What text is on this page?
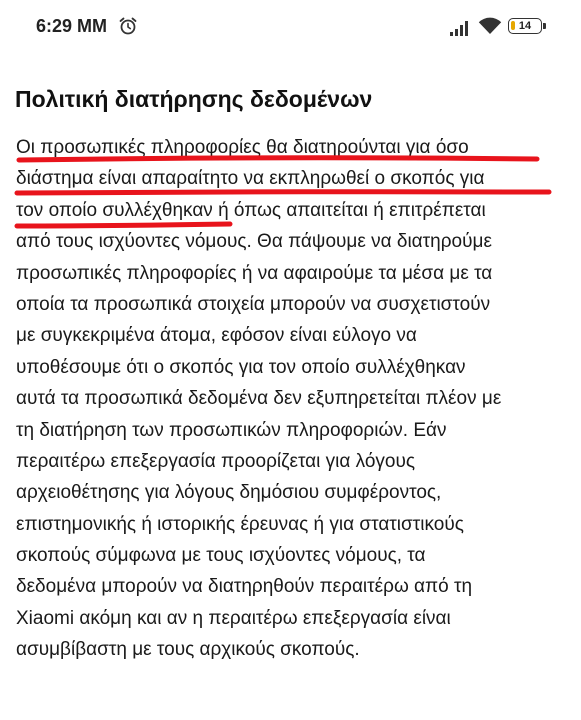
6:29 MM	14
Πολιτική διατήρησης δεδομένων
Οι προσωπικές πληροφορίες θα διατηρούνται για όσο
διάστημα είναι απαραίτητο να εκπληρωθεί ο σκοπός για
τον οποίο συλλέχθηκαν ή όπως απαιτείται ή επιτρέπεται
από τους ισχύοντες νόμους. Θα πάψουμε να διατηρούμε
προσωπικές πληροφορίες ή να αφαιρούμε τα μέσα με τα
οποία τα προσωπικά στοιχεία μπορούν να συσχετιστούν
με συγκεκριμένα άτομα, εφόσον είναι εύλογο να
υποθέσουμε ότι ο σκοπός για τον οποίο συλλέχθηκαν
αυτά τα προσωπικά δεδομένα δεν εξυπηρετείται πλέον με
τη διατήρηση των προσωπικών πληροφοριών. Εάν
περαιτέρω επεξεργασία προορίζεται για λόγους
αρχειοθέτησης για λόγους δημόσιου συμφέροντος,
επιστημονικής ή ιστορικής έρευνας ή για στατιστικούς
σκοπούς σύμφωνα με τους ισχύοντες νόμους, τα
δεδομένα μπορούν να διατηρηθούν περαιτέρω από τη
Xiaomi ακόμη και αν η περαιτέρω επεξεργασία είναι
ασυμβίβαστη με τους αρχικούς σκοπούς.
